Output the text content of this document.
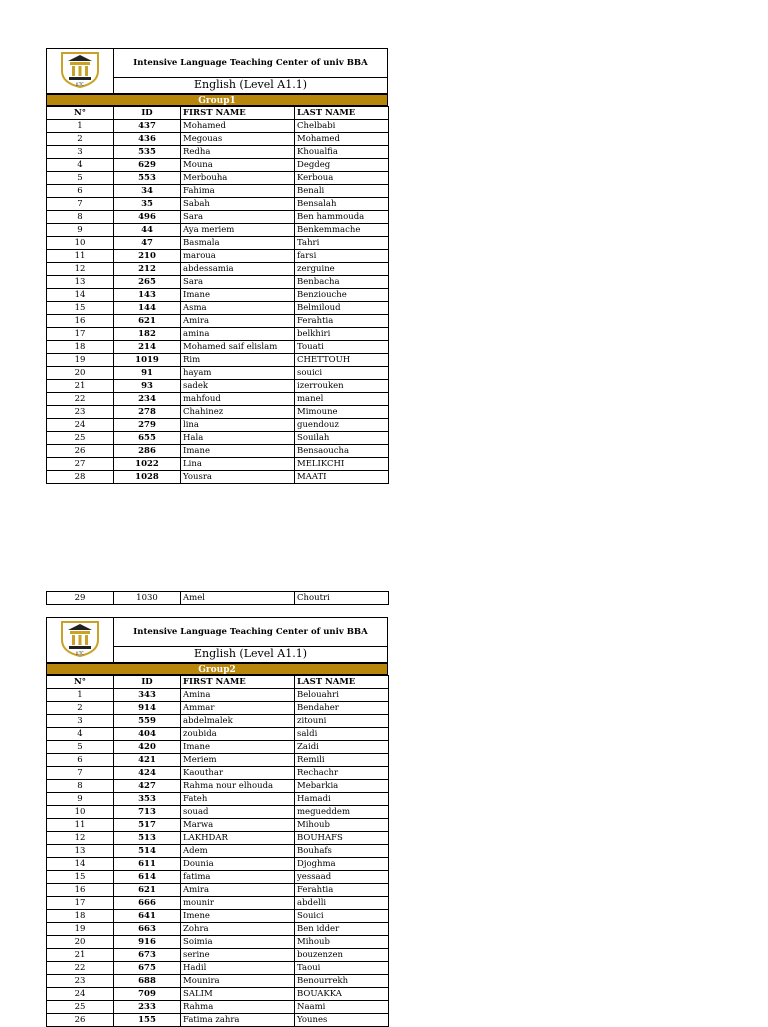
ILTC
	Intensive Language Teaching Center of univ BBA
English (Level A1.1)
Group1
N°	ID	FIRST NAME	LAST NAME
1	437	Mohamed	Chelbabi
2	436	Megouas	Mohamed
3	535	Redha	Khoualfia
4	629	Mouna	Degdeg
5	553	Merbouha	Kerboua
6	34	Fahima	Benali
7	35	Sabah	Bensalah
8	496	Sara	Ben hammouda
9	44	Aya meriem	Benkemmache
10	47	Basmala	Tahri
11	210	maroua	farsi
12	212	abdessamia	zerguine
13	265	Sara	Benbacha
14	143	Imane	Benziouche
15	144	Asma	Belmiloud
16	621	Amira	Ferahtia
17	182	amina	belkhiri
18	214	Mohamed saif elislam	Touati
19	1019	Rim	CHETTOUH
20	91	hayam	souici
21	93	sadek	izerrouken
22	234	mahfoud	manel
23	278	Chahinez	Mimoune
24	279	lina	guendouz
25	655	Hala	Souilah
26	286	Imane	Bensaoucha
27	1022	Lina	MELIKCHI
28	1028	Yousra	MAATI
29	1030	Amel	Choutri
ILTC
	Intensive Language Teaching Center of univ BBA
English (Level A1.1)
Group2
N°	ID	FIRST NAME	LAST NAME
1	343	Amina	Belouahri
2	914	Ammar	Bendaher
3	559	abdelmalek	zitouni
4	404	zoubida	saldi
5	420	Imane	Zaidi
6	421	Meriem	Remili
7	424	Kaouthar	Rechachr
8	427	Rahma nour elhouda	Mebarkia
9	353	Fateh	Hamadi
10	713	souad	megueddem
11	517	Marwa	Mihoub
12	513	LAKHDAR	BOUHAFS
13	514	Adem	Bouhafs
14	611	Dounia	Djoghma
15	614	fatima	yessaad
16	621	Amira	Ferahtia
17	666	mounir	abdelli
18	641	Imene	Souici
19	663	Zohra	Ben idder
20	916	Soimia	Mihoub
21	673	serine	bouzenzen
22	675	Hadil	Taoui
23	688	Mounira	Benourrekh
24	709	SALIM	BOUAKKA
25	233	Rahma	Naami
26	155	Fatima zahra	Younes
